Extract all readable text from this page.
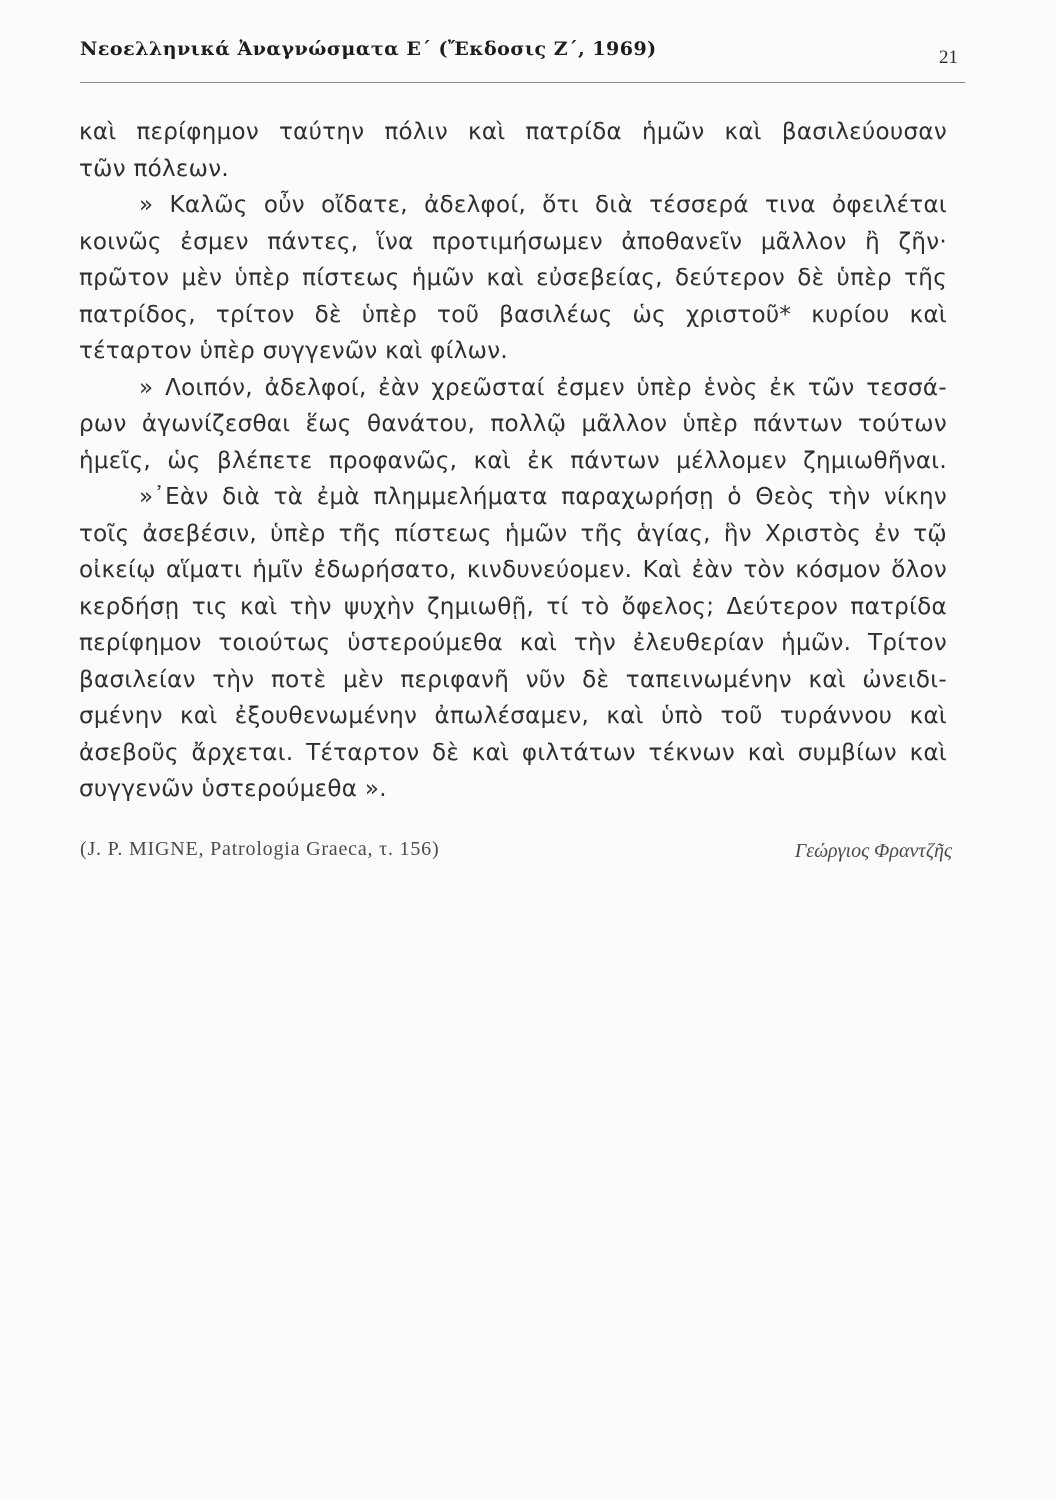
Νεοελληνικά Ἀναγνώσματα Ε΄ (Ἔκδοσις Ζ΄, 1969)	21
καὶ περίφημον ταύτην πόλιν καὶ πατρίδα ἡμῶν καὶ βασιλεύουσαν
τῶν πόλεων.
» Καλῶς οὖν οἴδατε, ἀδελφοί, ὅτι διὰ τέσσερά τινα ὀφειλέται
κοινῶς ἐσμεν πάντες, ἵνα προτιμήσωμεν ἀποθανεῖν μᾶλλον ἢ ζῆν·
πρῶτον μὲν ὑπὲρ πίστεως ἡμῶν καὶ εὐσεβείας, δεύτερον δὲ ὑπὲρ τῆς
πατρίδος, τρίτον δὲ ὑπὲρ τοῦ βασιλέως ὡς χριστοῦ* κυρίου καὶ
τέταρτον ὑπὲρ συγγενῶν καὶ φίλων.
» Λοιπόν, ἀδελφοί, ἐὰν χρεῶσταί ἐσμεν ὑπὲρ ἑνὸς ἐκ τῶν τεσσά-
ρων ἀγωνίζεσθαι ἕως θανάτου, πολλῷ μᾶλλον ὑπὲρ πάντων τούτων
ἡμεῖς, ὡς βλέπετε προφανῶς, καὶ ἐκ πάντων μέλλομεν ζημιωθῆναι.
»᾿Εὰν διὰ τὰ ἐμὰ πλημμελήματα παραχωρήσῃ ὁ Θεὸς τὴν νίκην
τοῖς ἀσεβέσιν, ὑπὲρ τῆς πίστεως ἡμῶν τῆς ἁγίας, ἣν Χριστὸς ἐν τῷ
οἰκείῳ αἵματι ἡμῖν ἐδωρήσατο, κινδυνεύομεν. Καὶ ἐὰν τὸν κόσμον ὅλον
κερδήσῃ τις καὶ τὴν ψυχὴν ζημιωθῇ, τί τὸ ὄφελος; Δεύτερον πατρίδα
περίφημον τοιούτως ὑστερούμεθα καὶ τὴν ἐλευθερίαν ἡμῶν. Τρίτον
βασιλείαν τὴν ποτὲ μὲν περιφανῆ νῦν δὲ ταπεινωμένην καὶ ὠνειδι-
σμένην καὶ ἐξουθενωμένην ἀπωλέσαμεν, καὶ ὑπὸ τοῦ τυράννου καὶ
ἀσεβοῦς ἄρχεται. Τέταρτον δὲ καὶ φιλτάτων τέκνων καὶ συμβίων καὶ
συγγενῶν ὑστερούμεθα ».
(J. P. MIGNE, Patrologia Graeca, τ. 156)	Γεώργιος Φραντζῆς
